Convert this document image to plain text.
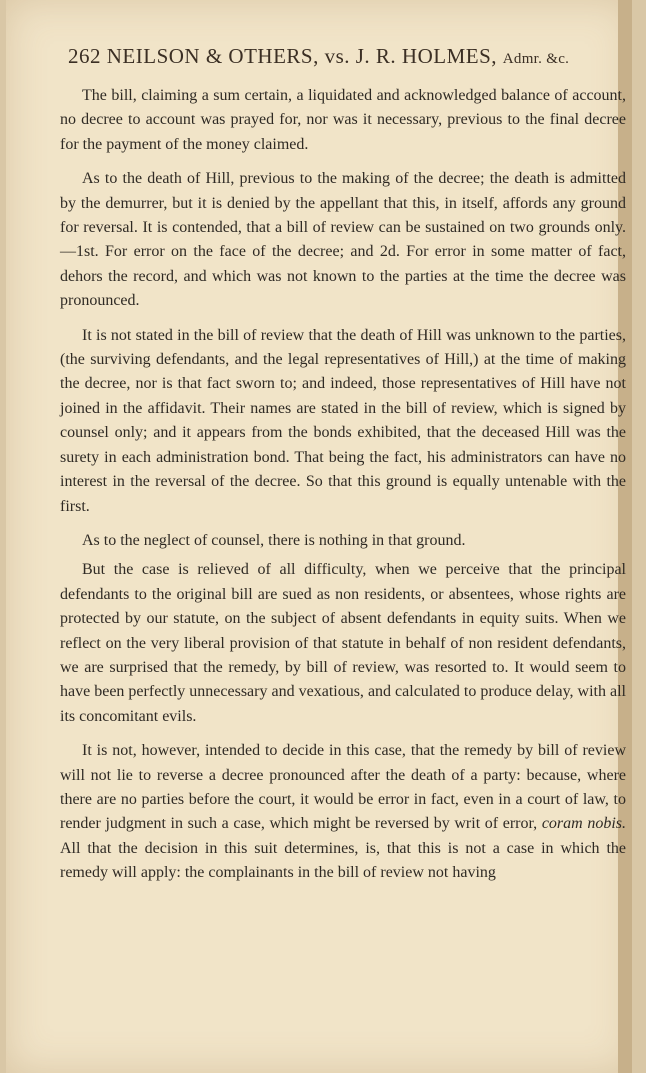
262 NEILSON & OTHERS, vs. J. R. HOLMES, Admr. &c.

The bill, claiming a sum certain, a liquidated and acknowledged balance of account, no decree to account was prayed for, nor was it necessary, previous to the final decree for the payment of the money claimed.

As to the death of Hill, previous to the making of the decree; the death is admitted by the demurrer, but it is denied by the appellant that this, in itself, affords any ground for reversal. It is contended, that a bill of review can be sustained on two grounds only.—1st. For error on the face of the decree; and 2d. For error in some matter of fact, dehors the record, and which was not known to the parties at the time the decree was pronounced.

It is not stated in the bill of review that the death of Hill was unknown to the parties, (the surviving defendants, and the legal representatives of Hill,) at the time of making the decree, nor is that fact sworn to; and indeed, those representatives of Hill have not joined in the affidavit. Their names are stated in the bill of review, which is signed by counsel only; and it appears from the bonds exhibited, that the deceased Hill was the surety in each administration bond. That being the fact, his administrators can have no interest in the reversal of the decree. So that this ground is equally untenable with the first.

As to the neglect of counsel, there is nothing in that ground.

But the case is relieved of all difficulty, when we perceive that the principal defendants to the original bill are sued as non residents, or absentees, whose rights are protected by our statute, on the subject of absent defendants in equity suits. When we reflect on the very liberal provision of that statute in behalf of non resident defendants, we are surprised that the remedy, by bill of review, was resorted to. It would seem to have been perfectly unnecessary and vexatious, and calculated to produce delay, with all its concomitant evils.

It is not, however, intended to decide in this case, that the remedy by bill of review will not lie to reverse a decree pronounced after the death of a party: because, where there are no parties before the court, it would be error in fact, even in a court of law, to render judgment in such a case, which might be reversed by writ of error, coram nobis. All that the decision in this suit determines, is, that this is not a case in which the remedy will apply: the complainants in the bill of review not having
